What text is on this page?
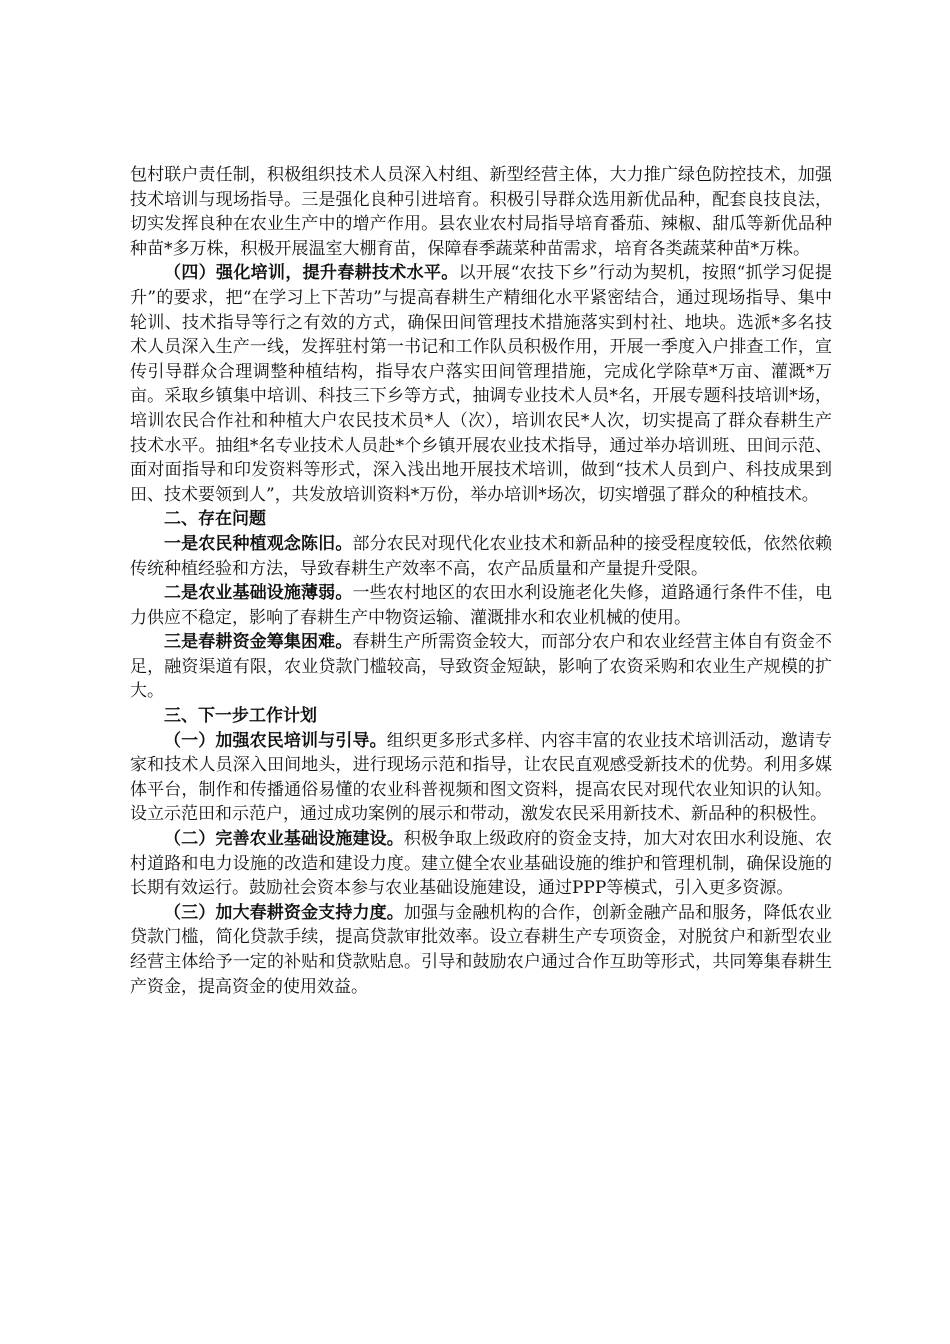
包村联户责任制，积极组织技术人员深入村组、新型经营主体，大力推广绿色防控技术，加强技术培训与现场指导。三是强化良种引进培育。积极引导群众选用新优品种，配套良技良法，切实发挥良种在农业生产中的增产作用。县农业农村局指导培育番茄、辣椒、甜瓜等新优品种种苗*多万株，积极开展温室大棚育苗，保障春季蔬菜种苗需求，培育各类蔬菜种苗*万株。

（四）强化培训，提升春耕技术水平。以开展“农技下乡”行动为契机，按照“抓学习促提升”的要求，把“在学习上下苦功”与提高春耕生产精细化水平紧密结合，通过现场指导、集中轮训、技术指导等行之有效的方式，确保田间管理技术措施落实到村社、地块。选派*多名技术人员深入生产一线，发挥驻村第一书记和工作队员积极作用，开展一季度入户排查工作，宣传引导群众合理调整种植结构，指导农户落实田间管理措施，完成化学除草*万亩、灌溉*万亩。采取乡镇集中培训、科技三下乡等方式，抽调专业技术人员*名，开展专题科技培训*场，培训农民合作社和种植大户农民技术员*人（次），培训农民*人次，切实提高了群众春耕生产技术水平。抽组*名专业技术人员赴*个乡镇开展农业技术指导，通过举办培训班、田间示范、面对面指导和印发资料等形式，深入浅出地开展技术培训，做到“技术人员到户、科技成果到田、技术要领到人”，共发放培训资料*万份，举办培训*场次，切实增强了群众的种植技术。

二、存在问题

一是农民种植观念陈旧。部分农民对现代化农业技术和新品种的接受程度较低，依然依赖传统种植经验和方法，导致春耕生产效率不高，农产品质量和产量提升受限。

二是农业基础设施薄弱。一些农村地区的农田水利设施老化失修，道路通行条件不佳，电力供应不稳定，影响了春耕生产中物资运输、灌溉排水和农业机械的使用。

三是春耕资金筹集困难。春耕生产所需资金较大，而部分农户和农业经营主体自有资金不足，融资渠道有限，农业贷款门槛较高，导致资金短缺，影响了农资采购和农业生产规模的扩大。

三、下一步工作计划

（一）加强农民培训与引导。组织更多形式多样、内容丰富的农业技术培训活动，邀请专家和技术人员深入田间地头，进行现场示范和指导，让农民直观感受新技术的优势。利用多媒体平台，制作和传播通俗易懂的农业科普视频和图文资料，提高农民对现代农业知识的认知。设立示范田和示范户，通过成功案例的展示和带动，激发农民采用新技术、新品种的积极性。

（二）完善农业基础设施建设。积极争取上级政府的资金支持，加大对农田水利设施、农村道路和电力设施的改造和建设力度。建立健全农业基础设施的维护和管理机制，确保设施的长期有效运行。鼓励社会资本参与农业基础设施建设，通过PPP等模式，引入更多资源。

（三）加大春耕资金支持力度。加强与金融机构的合作，创新金融产品和服务，降低农业贷款门槛，简化贷款手续，提高贷款审批效率。设立春耕生产专项资金，对脱贫户和新型农业经营主体给予一定的补贴和贷款贴息。引导和鼓励农户通过合作互助等形式，共同筹集春耕生产资金，提高资金的使用效益。
